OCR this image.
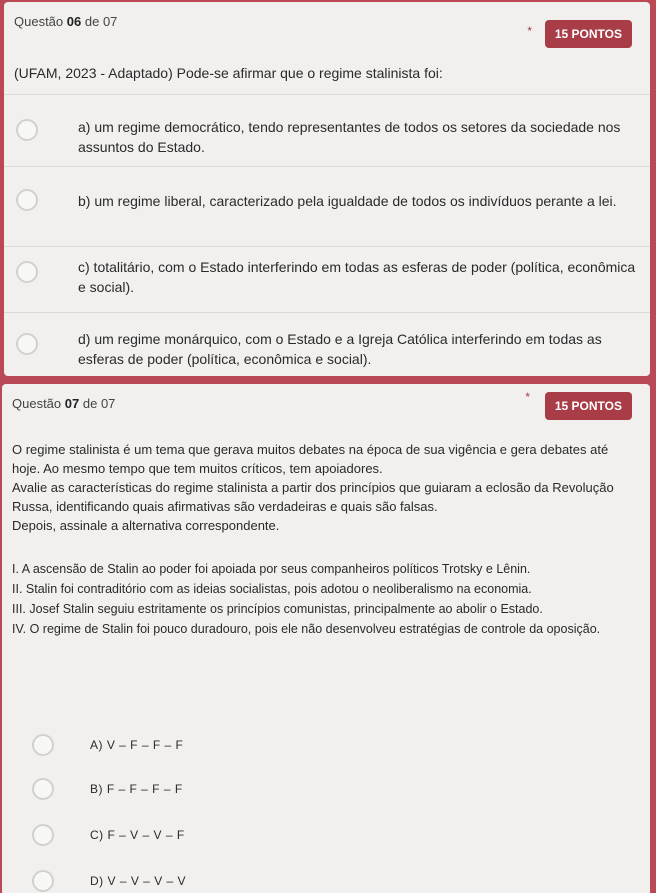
Questão 06 de 07
*	15 PONTOS
(UFAM, 2023 - Adaptado) Pode-se afirmar que o regime stalinista foi:
a) um regime democrático, tendo representantes de todos os setores da sociedade nos assuntos do Estado.
b) um regime liberal, caracterizado pela igualdade de todos os indivíduos perante a lei.
c) totalitário, com o Estado interferindo em todas as esferas de poder (política, econômica e social).
d) um regime monárquico, com o Estado e a Igreja Católica interferindo em todas as esferas de poder (política, econômica e social).
Questão 07 de 07	*
15 PONTOS
O regime stalinista é um tema que gerava muitos debates na época de sua vigência e gera debates até hoje. Ao mesmo tempo que tem muitos críticos, tem apoiadores.
Avalie as características do regime stalinista a partir dos princípios que guiaram a eclosão da Revolução Russa, identificando quais afirmativas são verdadeiras e quais são falsas.
Depois, assinale a alternativa correspondente.
I. A ascensão de Stalin ao poder foi apoiada por seus companheiros políticos Trotsky e Lênin.
II. Stalin foi contraditório com as ideias socialistas, pois adotou o neoliberalismo na economia.
III. Josef Stalin seguiu estritamente os princípios comunistas, principalmente ao abolir o Estado.
IV. O regime de Stalin foi pouco duradouro, pois ele não desenvolveu estratégias de controle da oposição.
A) V – F – F – F
B) F – F – F – F
C) F – V – V – F
D) V – V – V – V
